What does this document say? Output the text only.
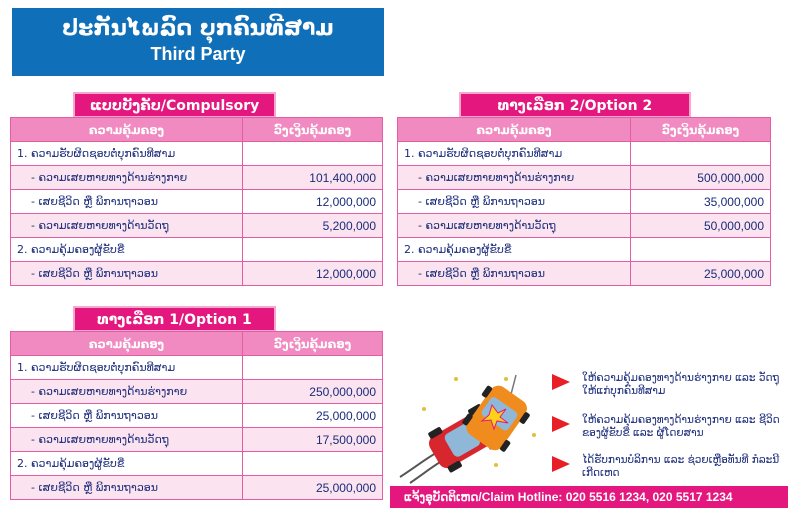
ປະກັນໄພລົດ ບຸກຄົນທີສາມ
Third Party
ແບບບັງຄັບ/Compulsory
ຄວາມຄຸ້ມຄອງ	ວົງເງິນຄຸ້ມຄອງ
1. ຄວາມຮັບຜິດຊອບຕໍ່ບຸກຄົນທີສາມ	
- ຄວາມເສຍຫາຍທາງດ້ານຮ່າງກາຍ	101,400,000
- ເສຍຊີວິດ ຫຼື ພິການຖາວອນ	12,000,000
- ຄວາມເສຍຫາຍທາງດ້ານວັດຖຸ	5,200,000
2. ຄວາມຄຸ້ມຄອງຜູ້ຂັບຂີ່	
- ເສຍຊີວິດ ຫຼື ພິການຖາວອນ	12,000,000
ທາງເລືອກ 2/Option 2
ຄວາມຄຸ້ມຄອງ	ວົງເງິນຄຸ້ມຄອງ
1. ຄວາມຮັບຜິດຊອບຕໍ່ບຸກຄົນທີສາມ	
- ຄວາມເສຍຫາຍທາງດ້ານຮ່າງກາຍ	500,000,000
- ເສຍຊີວິດ ຫຼື ພິການຖາວອນ	35,000,000
- ຄວາມເສຍຫາຍທາງດ້ານວັດຖຸ	50,000,000
2. ຄວາມຄຸ້ມຄອງຜູ້ຂັບຂີ່	
- ເສຍຊີວິດ ຫຼື ພິການຖາວອນ	25,000,000
ທາງເລືອກ 1/Option 1
ຄວາມຄຸ້ມຄອງ	ວົງເງິນຄຸ້ມຄອງ
1. ຄວາມຮັບຜິດຊອບຕໍ່ບຸກຄົນທີສາມ	
- ຄວາມເສຍຫາຍທາງດ້ານຮ່າງກາຍ	250,000,000
- ເສຍຊີວິດ ຫຼື ພິການຖາວອນ	25,000,000
- ຄວາມເສຍຫາຍທາງດ້ານວັດຖຸ	17,500,000
2. ຄວາມຄຸ້ມຄອງຜູ້ຂັບຂີ່	
- ເສຍຊີວິດ ຫຼື ພິການຖາວອນ	25,000,000
ໃຫ້ຄວາມຄຸ້ມຄອງທາງດ້ານຮ່າງກາຍ ແລະ ວັດຖຸ ໃຫ້ແກ່ບຸກຄົນທີສາມ
ໃຫ້ຄວາມຄຸ້ມຄອງທາງດ້ານຮ່າງກາຍ ແລະ ຊີວິດ ຂອງຜູ້ຂັບຂີ່ ແລະ ຜູ້ໂດຍສານ
ໄດ້ຮັບການບໍລິການ ແລະ ຊ່ວຍເຫຼືອທັນທີ ກໍລະນີເກີດເຫດ
ແຈ້ງອຸບັດຕິເຫດ/Claim Hotline: 020 5516 1234, 020 5517 1234
